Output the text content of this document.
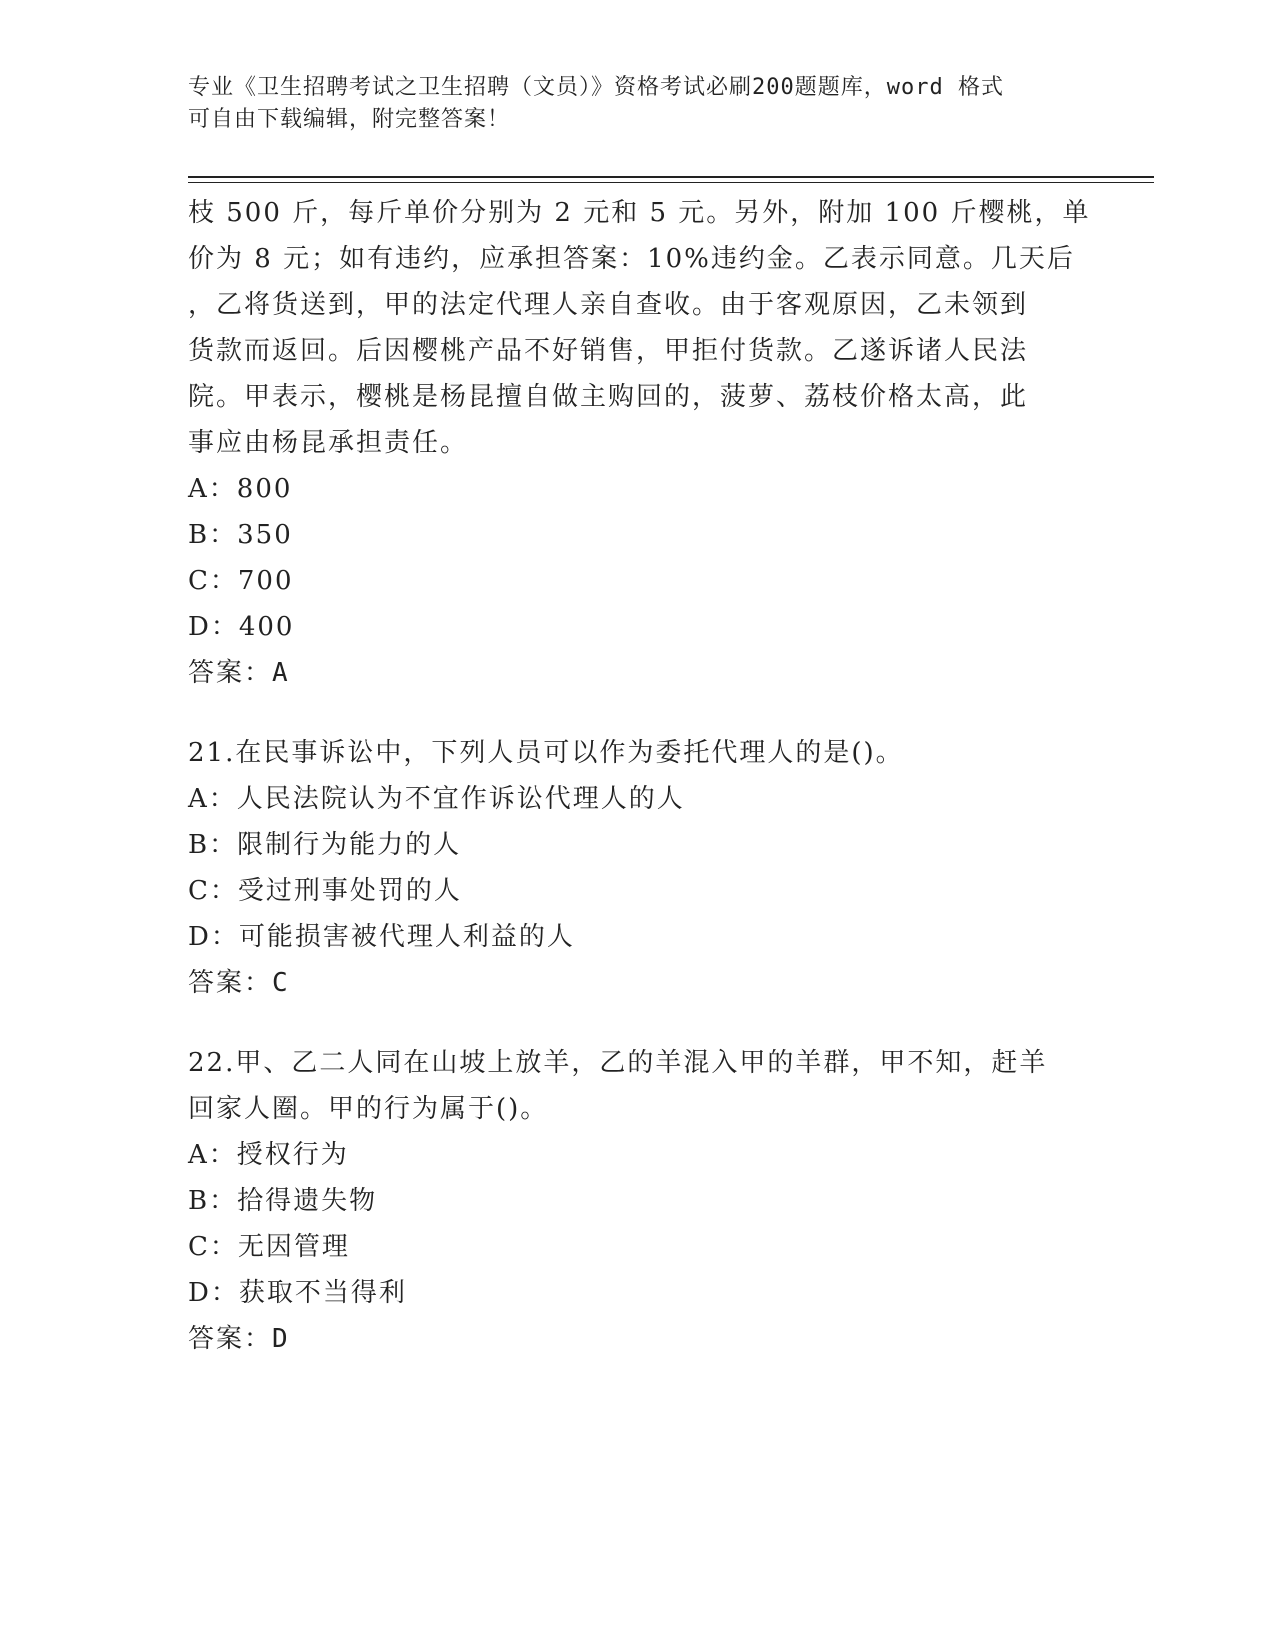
专业《卫生招聘考试之卫生招聘（文员）》资格考试必刷200题题库，word 格式
可自由下载编辑，附完整答案！
枝 500 斤，每斤单价分别为 2 元和 5 元。另外，附加 100 斤樱桃，单
价为 8 元；如有违约，应承担答案：10%违约金。乙表示同意。几天后
，乙将货送到，甲的法定代理人亲自查收。由于客观原因，乙未领到
货款而返回。后因樱桃产品不好销售，甲拒付货款。乙遂诉诸人民法
院。甲表示，樱桃是杨昆擅自做主购回的，菠萝、荔枝价格太高，此
事应由杨昆承担责任。
A：800
B：350
C：700
D：400
答案：A
21.在民事诉讼中，下列人员可以作为委托代理人的是()。
A：人民法院认为不宜作诉讼代理人的人
B：限制行为能力的人
C：受过刑事处罚的人
D：可能损害被代理人利益的人
答案：C
22.甲、乙二人同在山坡上放羊，乙的羊混入甲的羊群，甲不知，赶羊
回家人圈。甲的行为属于()。
A：授权行为
B：拾得遗失物
C：无因管理
D：获取不当得利
答案：D
